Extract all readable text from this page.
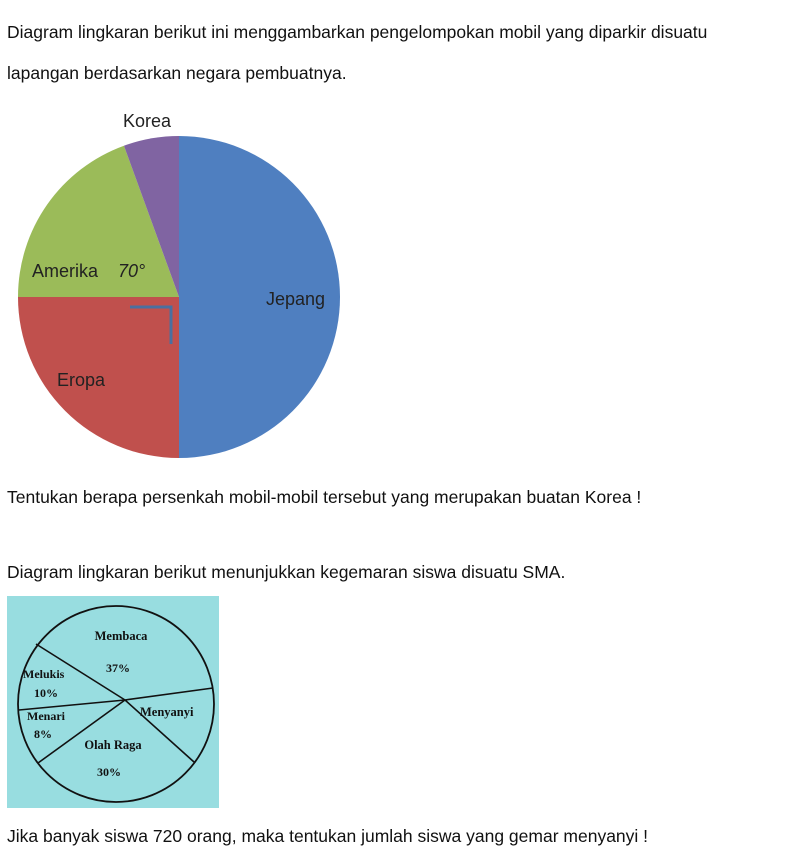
Diagram lingkaran berikut ini menggambarkan pengelompokan mobil yang diparkir disuatu
lapangan berdasarkan negara pembuatnya.
Korea
Amerika 70°
Jepang
Eropa
Tentukan berapa persenkah mobil-mobil tersebut yang merupakan buatan Korea !
Diagram lingkaran berikut menunjukkan kegemaran siswa disuatu SMA.
Membaca
37%
Menyanyi
Olah Raga
30%
Menari
8%
Melukis
10%
Jika banyak siswa 720 orang, maka tentukan jumlah siswa yang gemar menyanyi !
